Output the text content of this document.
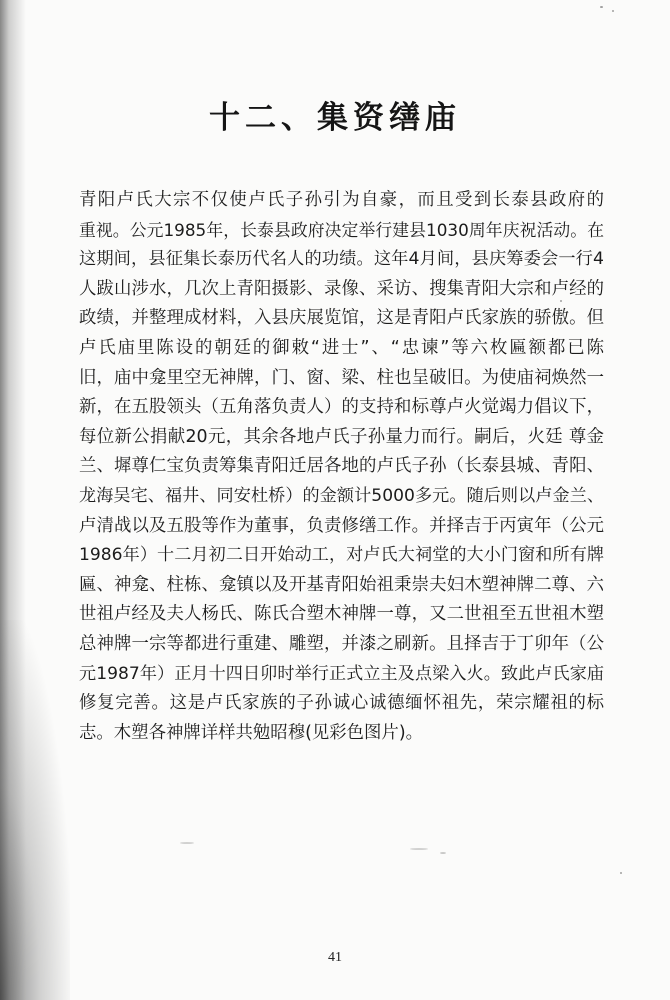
十二、集资缮庙
青阳卢氏大宗不仅使卢氏子孙引为自豪，而且受到长泰县政府的
重视。公元1985年，长泰县政府决定举行建县1030周年庆祝活动。在
这期间，县征集长泰历代名人的功绩。这年4月间，县庆筹委会一行4
人跋山涉水，几次上青阳摄影、录像、采访、搜集青阳大宗和卢经的
政绩，并整理成材料，入县庆展览馆，这是青阳卢氏家族的骄傲。但
卢氏庙里陈设的朝廷的御敕“进士”、“忠谏”等六枚匾额都已陈
旧，庙中龛里空无神牌，门、窗、梁、柱也呈破旧。为使庙祠焕然一
新，在五股领头（五角落负责人）的支持和标尊卢火觉竭力倡议下，
每位新公捐献20元，其余各地卢氏子孙量力而行。嗣后，火廷 尊金
兰、墀尊仁宝负责筹集青阳迁居各地的卢氏子孙（长泰县城、青阳、
龙海吴宅、福井、同安杜桥）的金额计5000多元。随后则以卢金兰、
卢清战以及五股等作为董事，负责修缮工作。并择吉于丙寅年（公元
1986年）十二月初二日开始动工，对卢氏大祠堂的大小门窗和所有牌
匾、神龛、柱栋、龛镇以及开基青阳始祖秉崇夫妇木塑神牌二尊、六
世祖卢经及夫人杨氏、陈氏合塑木神牌一尊，又二世祖至五世祖木塑
总神牌一宗等都进行重建、雕塑，并漆之刷新。且择吉于丁卯年（公
元1987年）正月十四日卯时举行正式立主及点梁入火。致此卢氏家庙
修复完善。这是卢氏家族的子孙诚心诚德缅怀祖先，荣宗耀祖的标
志。木塑各神牌详样共勉昭穆(见彩色图片)。
41
